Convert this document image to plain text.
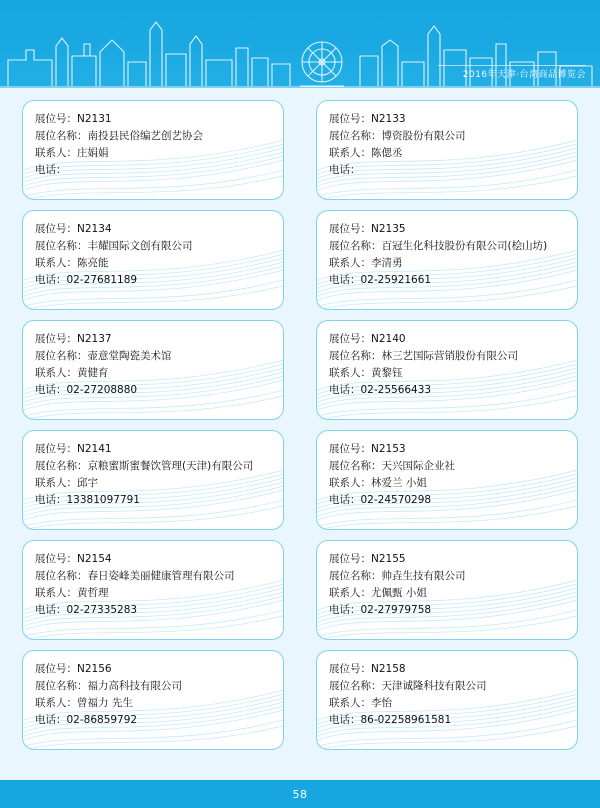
2016年天津·台湾商品博览会
展位号：N2131
展位名称：南投县民俗编艺创艺协会
联系人：庄娟娟
电话：
展位号：N2133
展位名称：博资股份有限公司
联系人：陈偲丞
电话：
展位号：N2134
展位名称：丰耀国际文创有限公司
联系人：陈亮能
电话：02-27681189
展位号：N2135
展位名称：百冠生化科技股份有限公司(桧山坊)
联系人：李清勇
电话：02-25921661
展位号：N2137
展位名称：壶意堂陶瓷美术馆
联系人：黄健育
电话：02-27208880
展位号：N2140
展位名称：林三艺国际营销股份有限公司
联系人：黄黎钰
电话：02-25566433
展位号：N2141
展位名称：京粮蜜斯蜜餐饮管理(天津)有限公司
联系人：邱宇
电话：13381097791
展位号：N2153
展位名称：天兴国际企业社
联系人：林爱兰 小姐
电话：02-24570298
展位号：N2154
展位名称：春日姿峰美丽健康管理有限公司
联系人：黄哲理
电话：02-27335283
展位号：N2155
展位名称：帅垚生技有限公司
联系人：尤佩甄 小姐
电话：02-27979758
展位号：N2156
展位名称：福力高科技有限公司
联系人：曾福力 先生
电话：02-86859792
展位号：N2158
展位名称：天津诚隆科技有限公司
联系人：李怡
电话：86-02258961581
58
